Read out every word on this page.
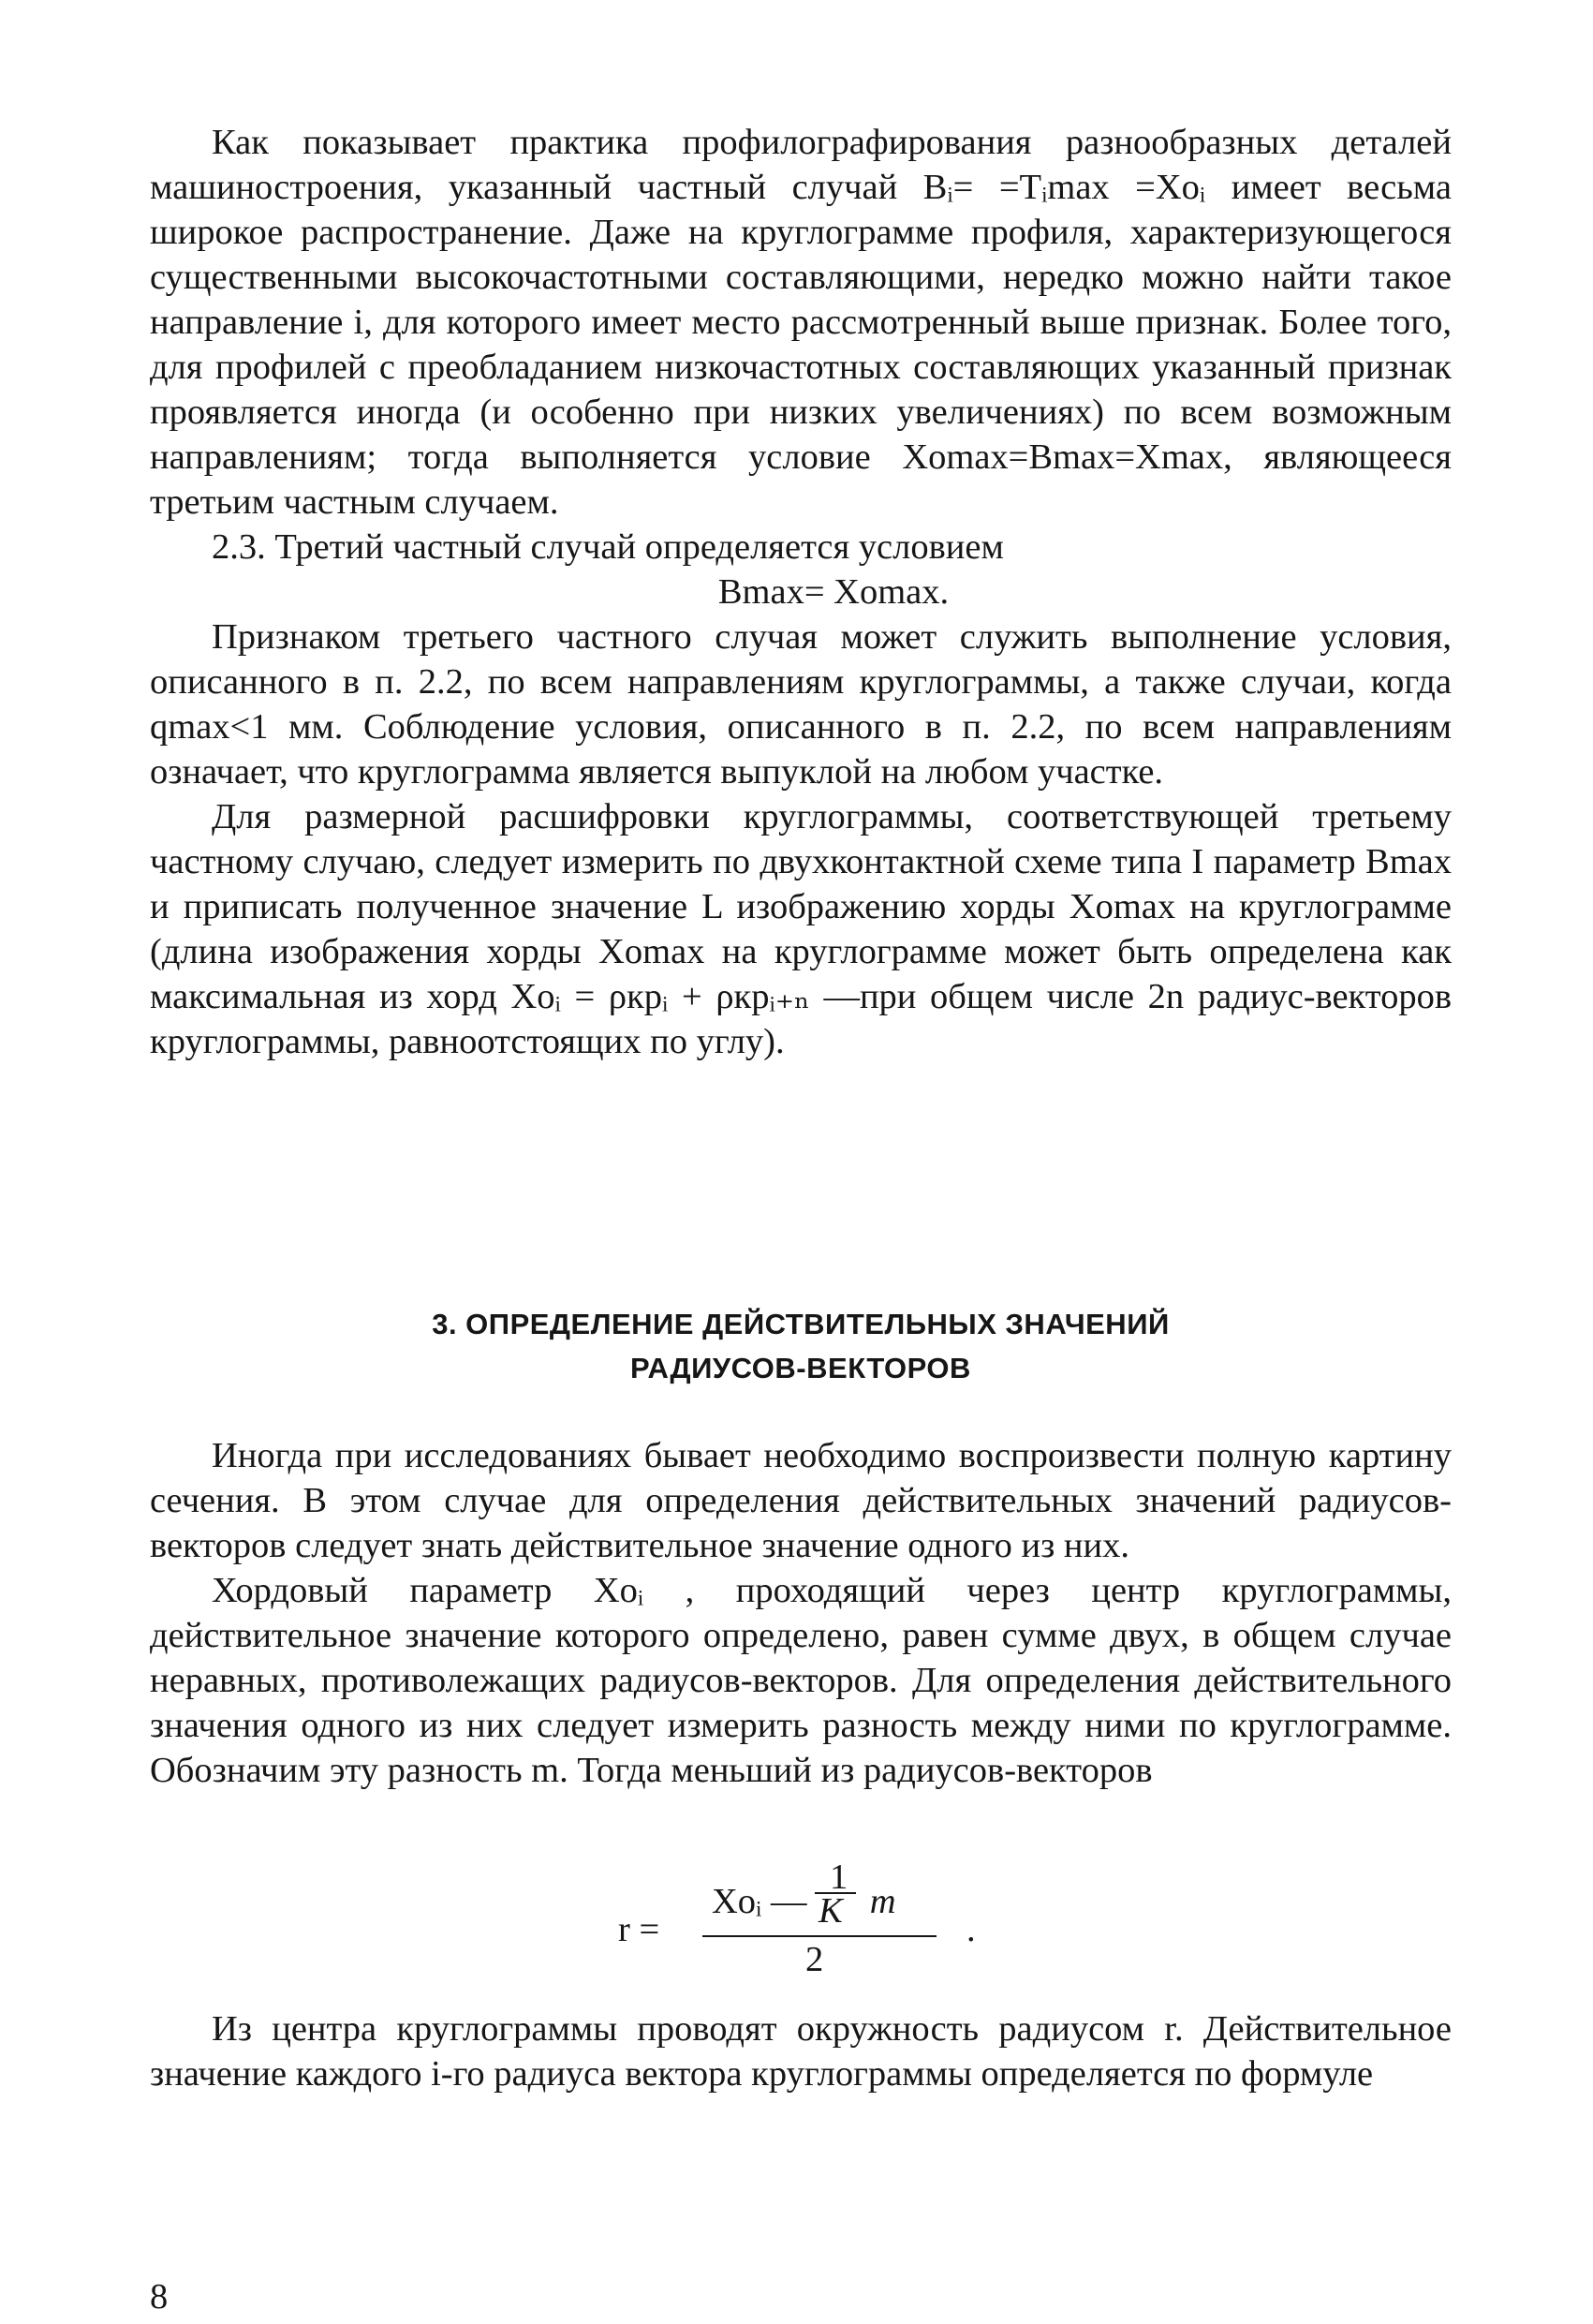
Как показывает практика профилографирования разнообразных деталей машиностроения, указанный частный случай Bᵢ= =Tᵢmax =Xoᵢ имеет весьма широкое распространение. Даже на круглограмме профиля, характеризующегося существенными высокочастотными составляющими, нередко можно найти такое направление i, для которого имеет место рассмотренный выше признак. Более того, для профилей с преобладанием низкочастотных составляющих указанный признак проявляется иногда (и особенно при низких увеличениях) по всем возможным направлениям; тогда выполняется условие Xomax=Bmax=Xmax, являющееся третьим частным случаем.

2.3. Третий частный случай определяется условием

Bmax= Xomax.

Признаком третьего частного случая может служить выполнение условия, описанного в п. 2.2, по всем направлениям круглограммы, а также случаи, когда qmax<1 мм. Соблюдение условия, описанного в п. 2.2, по всем направлениям означает, что круглограмма является выпуклой на любом участке.

Для размерной расшифровки круглограммы, соответствующей третьему частному случаю, следует измерить по двухконтактной схеме типа I параметр Bmax и приписать полученное значение L изображению хорды Xomax на круглограмме (длина изображения хорды Xomax на круглограмме может быть определена как максимальная из хорд Xoᵢ = ρкрᵢ + ρкрᵢ₊ₙ —при общем числе 2n радиус-векторов круглограммы, равноотстоящих по углу).

3. ОПРЕДЕЛЕНИЕ ДЕЙСТВИТЕЛЬНЫХ ЗНАЧЕНИЙ
РАДИУСОВ-ВЕКТОРОВ

Иногда при исследованиях бывает необходимо воспроизвести полную картину сечения. В этом случае для определения действительных значений радиусов-векторов следует знать действительное значение одного из них.

Хордовый параметр Xoᵢ , проходящий через центр круглограммы, действительное значение которого определено, равен сумме двух, в общем случае неравных, противолежащих радиусов-векторов. Для определения действительного значения одного из них следует измерить разность между ними по круглограмме. Обозначим эту разность m. Тогда меньший из радиусов-векторов

r =
1
Xoᵢ — m
K
2
.

Из центра круглограммы проводят окружность радиусом r. Действительное значение каждого i-го радиуса вектора круглограммы определяется по формуле

8
